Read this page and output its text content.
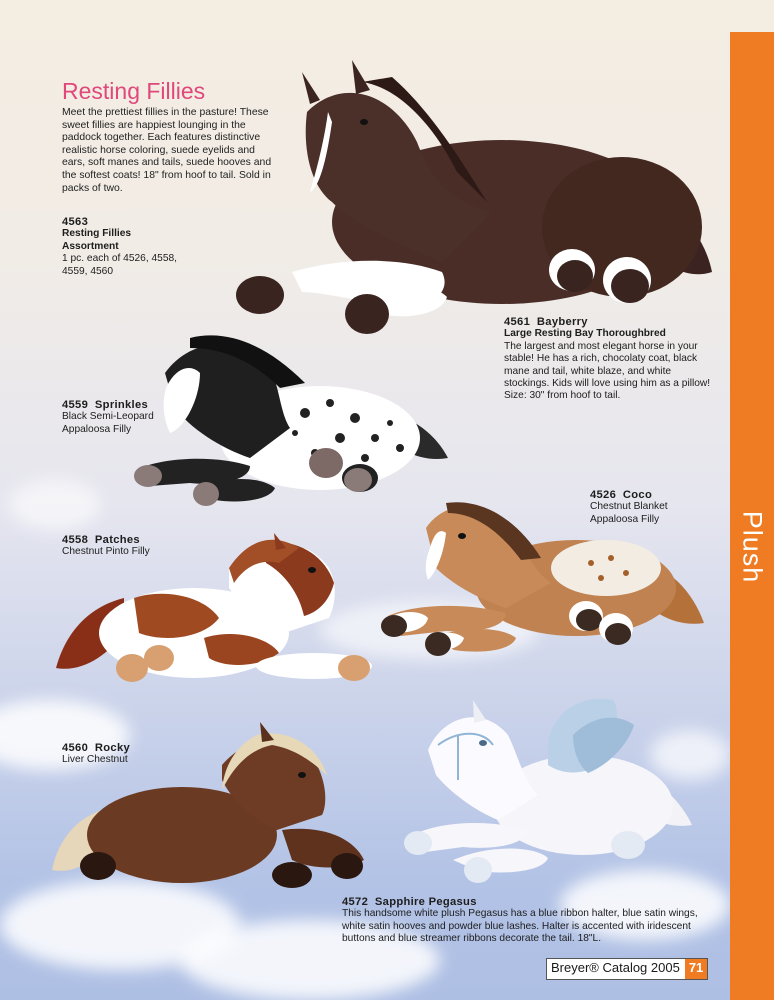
Plush
Resting Fillies
Meet the prettiest fillies in the pasture! These sweet fillies are happiest lounging in the paddock together. Each features distinctive realistic horse coloring, suede eyelids and ears, soft manes and tails, suede hooves and the softest coats! 18" from hoof to tail. Sold in packs of two.
4563
Resting Fillies Assortment
1 pc. each of 4526, 4558, 4559, 4560
4561 Bayberry
Large Resting Bay Thoroughbred
The largest and most elegant horse in your stable! He has a rich, chocolaty coat, black mane and tail, white blaze, and white stockings. Kids will love using him as a pillow! Size: 30" from hoof to tail.
4559 Sprinkles
Black Semi-Leopard Appaloosa Filly
4526 Coco
Chestnut Blanket Appaloosa Filly
4558 Patches
Chestnut Pinto Filly
4560 Rocky
Liver Chestnut
4572 Sapphire Pegasus
This handsome white plush Pegasus has a blue ribbon halter, blue satin wings, white satin hooves and powder blue lashes. Halter is accented with iridescent buttons and blue streamer ribbons decorate the tail. 18"L.
Breyer® Catalog 2005 71
